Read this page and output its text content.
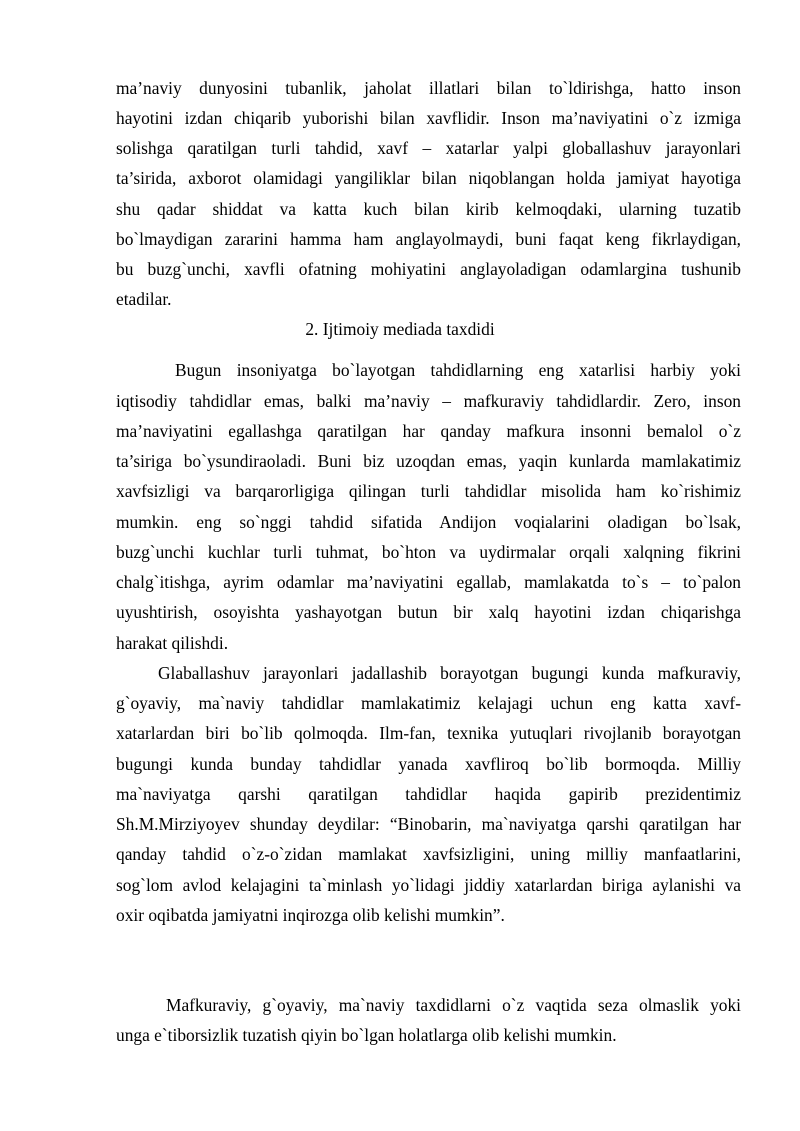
ma’naviy dunyosini tubanlik, jaholat illatlari bilan to`ldirishga, hatto inson
hayotini izdan chiqarib yuborishi bilan xavflidir. Inson ma’naviyatini o`z izmiga
solishga qaratilgan turli tahdid, xavf – xatarlar yalpi globallashuv jarayonlari
ta’sirida, axborot olamidagi yangiliklar bilan niqoblangan holda jamiyat hayotiga
shu qadar shiddat va katta kuch bilan kirib kelmoqdaki, ularning tuzatib
bo`lmaydigan zararini hamma ham anglayolmaydi, buni faqat keng fikrlaydigan,
bu buzg`unchi, xavfli ofatning mohiyatini anglayoladigan odamlargina tushunib
etadilar.
2. Ijtimoiy mediada taxdidi
Bugun insoniyatga bo`layotgan tahdidlarning eng xatarlisi harbiy yoki
iqtisodiy tahdidlar emas, balki ma’naviy – mafkuraviy tahdidlardir. Zero, inson
ma’naviyatini egallashga qaratilgan har qanday mafkura insonni bemalol o`z
ta’siriga bo`ysundiraoladi. Buni biz uzoqdan emas, yaqin kunlarda mamlakatimiz
xavfsizligi va barqarorligiga qilingan turli tahdidlar misolida ham ko`rishimiz
mumkin. eng so`nggi tahdid sifatida Andijon voqialarini oladigan bo`lsak,
buzg`unchi kuchlar turli tuhmat, bo`hton va uydirmalar orqali xalqning fikrini
chalg`itishga, ayrim odamlar ma’naviyatini egallab, mamlakatda to`s – to`palon
uyushtirish, osoyishta yashayotgan butun bir xalq hayotini izdan chiqarishga
harakat qilishdi.
Glaballashuv jarayonlari jadallashib borayotgan bugungi kunda mafkuraviy,
g`oyaviy, ma`naviy tahdidlar mamlakatimiz kelajagi uchun eng katta xavf-
xatarlardan biri bo`lib qolmoqda. Ilm-fan, texnika yutuqlari rivojlanib borayotgan
bugungi kunda bunday tahdidlar yanada xavfliroq bo`lib bormoqda. Milliy
ma`naviyatga qarshi qaratilgan tahdidlar haqida gapirib prezidentimiz
Sh.M.Mirziyoyev shunday deydilar: “Binobarin, ma`naviyatga qarshi qaratilgan har
qanday tahdid o`z-o`zidan mamlakat xavfsizligini, uning milliy manfaatlarini,
sog`lom avlod kelajagini ta`minlash yo`lidagi jiddiy xatarlardan biriga aylanishi va
oxir oqibatda jamiyatni inqirozga olib kelishi mumkin”.
Mafkuraviy, g`oyaviy, ma`naviy taxdidlarni o`z vaqtida seza olmaslik yoki
unga e`tiborsizlik tuzatish qiyin bo`lgan holatlarga olib kelishi mumkin.
